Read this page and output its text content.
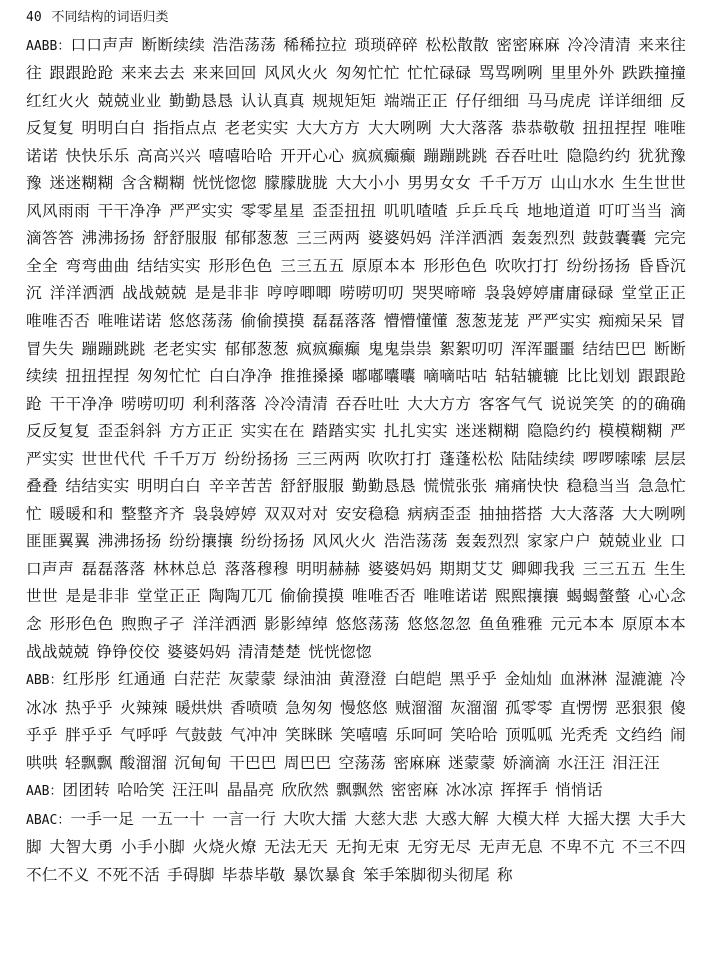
40 不同结构的词语归类

AABB：口口声声 断断续续 浩浩荡荡 稀稀拉拉 琐琐碎碎 松松散散 密密麻麻 冷冷清清 来来往往 跟跟跄跄 来来去去 来来回回 风风火火 匆匆忙忙 忙忙碌碌 骂骂咧咧 里里外外 跌跌撞撞 红红火火 兢兢业业 勤勤恳恳 认认真真 规规矩矩 端端正正 仔仔细细 马马虎虎 详详细细 反反复复 明明白白 指指点点 老老实实 大大方方 大大咧咧 大大落落 恭恭敬敬 扭扭捏捏 唯唯诺诺 快快乐乐 高高兴兴 嘻嘻哈哈 开开心心 疯疯癫癫 蹦蹦跳跳 吞吞吐吐 隐隐约约 犹犹豫豫 迷迷糊糊 含含糊糊 恍恍惚惚 朦朦胧胧 大大小小 男男女女 千千万万 山山水水 生生世世 风风雨雨 干干净净 严严实实 零零星星 歪歪扭扭 叽叽喳喳 乒乒乓乓 地地道道 叮叮当当 滴滴答答 沸沸扬扬 舒舒服服 郁郁葱葱 三三两两 婆婆妈妈 洋洋洒洒 轰轰烈烈 鼓鼓囊囊 完完全全 弯弯曲曲 结结实实 形形色色 三三五五 原原本本 形形色色 吹吹打打 纷纷扬扬 昏昏沉沉 洋洋洒洒 战战兢兢 是是非非 哼哼唧唧 唠唠叨叨 哭哭啼啼 袅袅婷婷庸庸碌碌 堂堂正正 唯唯否否 唯唯诺诺 悠悠荡荡 偷偷摸摸 磊磊落落 懵懵懂懂 葱葱茏茏 严严实实 痴痴呆呆 冒冒失失 蹦蹦跳跳 老老实实 郁郁葱葱 疯疯癫癫 鬼鬼祟祟 絮絮叨叨 浑浑噩噩 结结巴巴 断断续续 扭扭捏捏 匆匆忙忙 白白净净 推推搡搡 嘟嘟囔囔 嘀嘀咕咕 轱轱辘辘 比比划划 跟跟跄跄 干干净净 唠唠叨叨 利利落落 冷冷清清 吞吞吐吐 大大方方 客客气气 说说笑笑 的的确确 反反复复 歪歪斜斜 方方正正 实实在在 踏踏实实 扎扎实实 迷迷糊糊 隐隐约约 模模糊糊 严严实实 世世代代 千千万万 纷纷扬扬 三三两两 吹吹打打 蓬蓬松松 陆陆续续 啰啰嗦嗦 层层叠叠 结结实实 明明白白 辛辛苦苦 舒舒服服 勤勤恳恳 慌慌张张 痛痛快快 稳稳当当 急急忙忙 暖暖和和 整整齐齐 袅袅婷婷 双双对对 安安稳稳 病病歪歪 抽抽搭搭 大大落落 大大咧咧 匪匪翼翼 沸沸扬扬 纷纷攘攘 纷纷扬扬 风风火火 浩浩荡荡 轰轰烈烈 家家户户 兢兢业业 口口声声 磊磊落落 林林总总 落落穆穆 明明赫赫 婆婆妈妈 期期艾艾 卿卿我我 三三五五 生生世世 是是非非 堂堂正正 陶陶兀兀 偷偷摸摸 唯唯否否 唯唯诺诺 熙熙攘攘 蝎蝎螫螫 心心念念 形形色色 煦煦孑孑 洋洋洒洒 影影绰绰 悠悠荡荡 悠悠忽忽 鱼鱼雅雅 元元本本 原原本本 战战兢兢 铮铮佼佼 婆婆妈妈 清清楚楚 恍恍惚惚

ABB：红彤彤 红通通 白茫茫 灰蒙蒙 绿油油 黄澄澄 白皑皑 黑乎乎 金灿灿 血淋淋 湿漉漉 冷冰冰 热乎乎 火辣辣 暖烘烘 香喷喷 急匆匆 慢悠悠 贼溜溜 灰溜溜 孤零零 直愣愣 恶狠狠 傻乎乎 胖乎乎 气呼呼 气鼓鼓 气冲冲 笑眯眯 笑嘻嘻 乐呵呵 笑哈哈 顶呱呱 光秃秃 文绉绉 闹哄哄 轻飘飘 酸溜溜 沉甸甸 干巴巴 周巴巴 空荡荡 密麻麻 迷蒙蒙 娇滴滴 水汪汪 泪汪汪

AAB：团团转 哈哈笑 汪汪叫 晶晶亮 欣欣然 飘飘然 密密麻 冰冰凉 挥挥手 悄悄话

ABAC：一手一足 一五一十 一言一行 大吹大擂 大慈大悲 大惑大解 大模大样 大摇大摆 大手大脚 大智大勇 小手小脚 火烧火燎 无法无天 无拘无束 无穷无尽 无声无息 不卑不亢 不三不四 不仁不义 不死不活 手碍脚 毕恭毕敬 暴饮暴食 笨手笨脚彻头彻尾 称
